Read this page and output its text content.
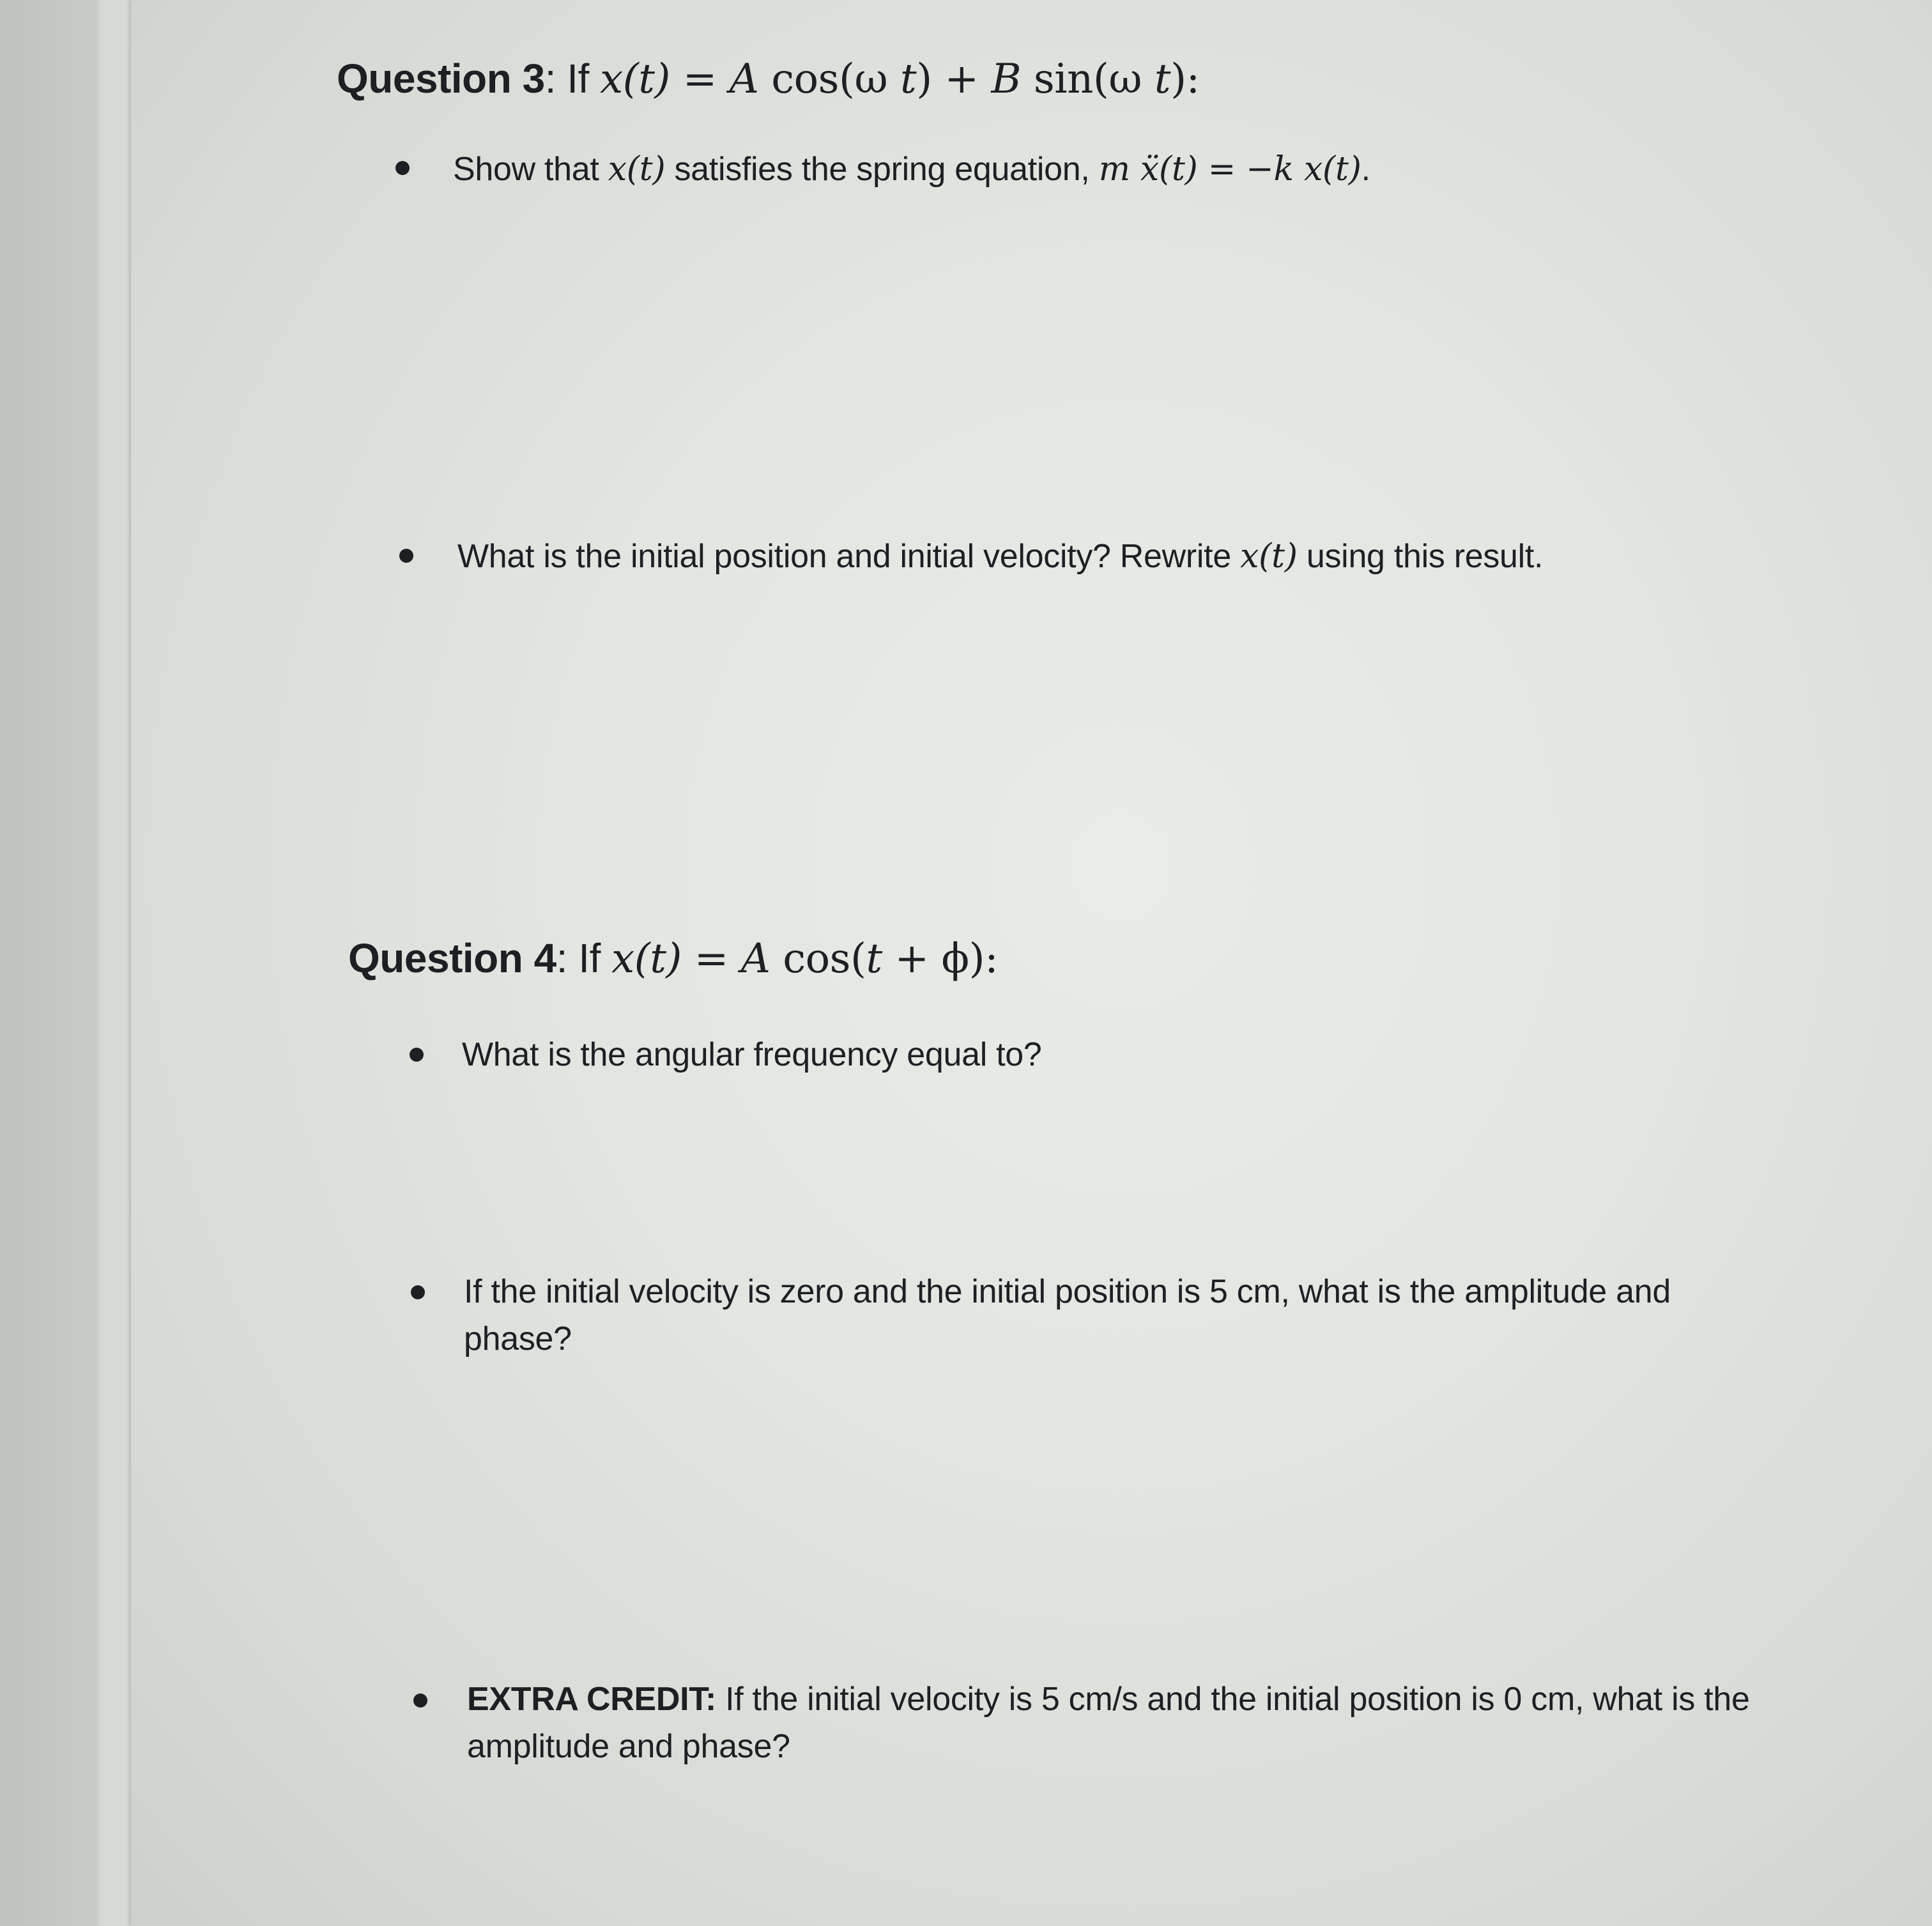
Question 3: If x(t) = A cos(ω t) + B sin(ω t):
Show that x(t) satisfies the spring equation, m ẍ(t) = −k x(t).
What is the initial position and initial velocity? Rewrite x(t) using this result.
Question 4: If x(t) = A cos(t + ϕ):
What is the angular frequency equal to?
If the initial velocity is zero and the initial position is 5 cm, what is the amplitude and
phase?
EXTRA CREDIT: If the initial velocity is 5 cm/s and the initial position is 0 cm, what is the
amplitude and phase?
